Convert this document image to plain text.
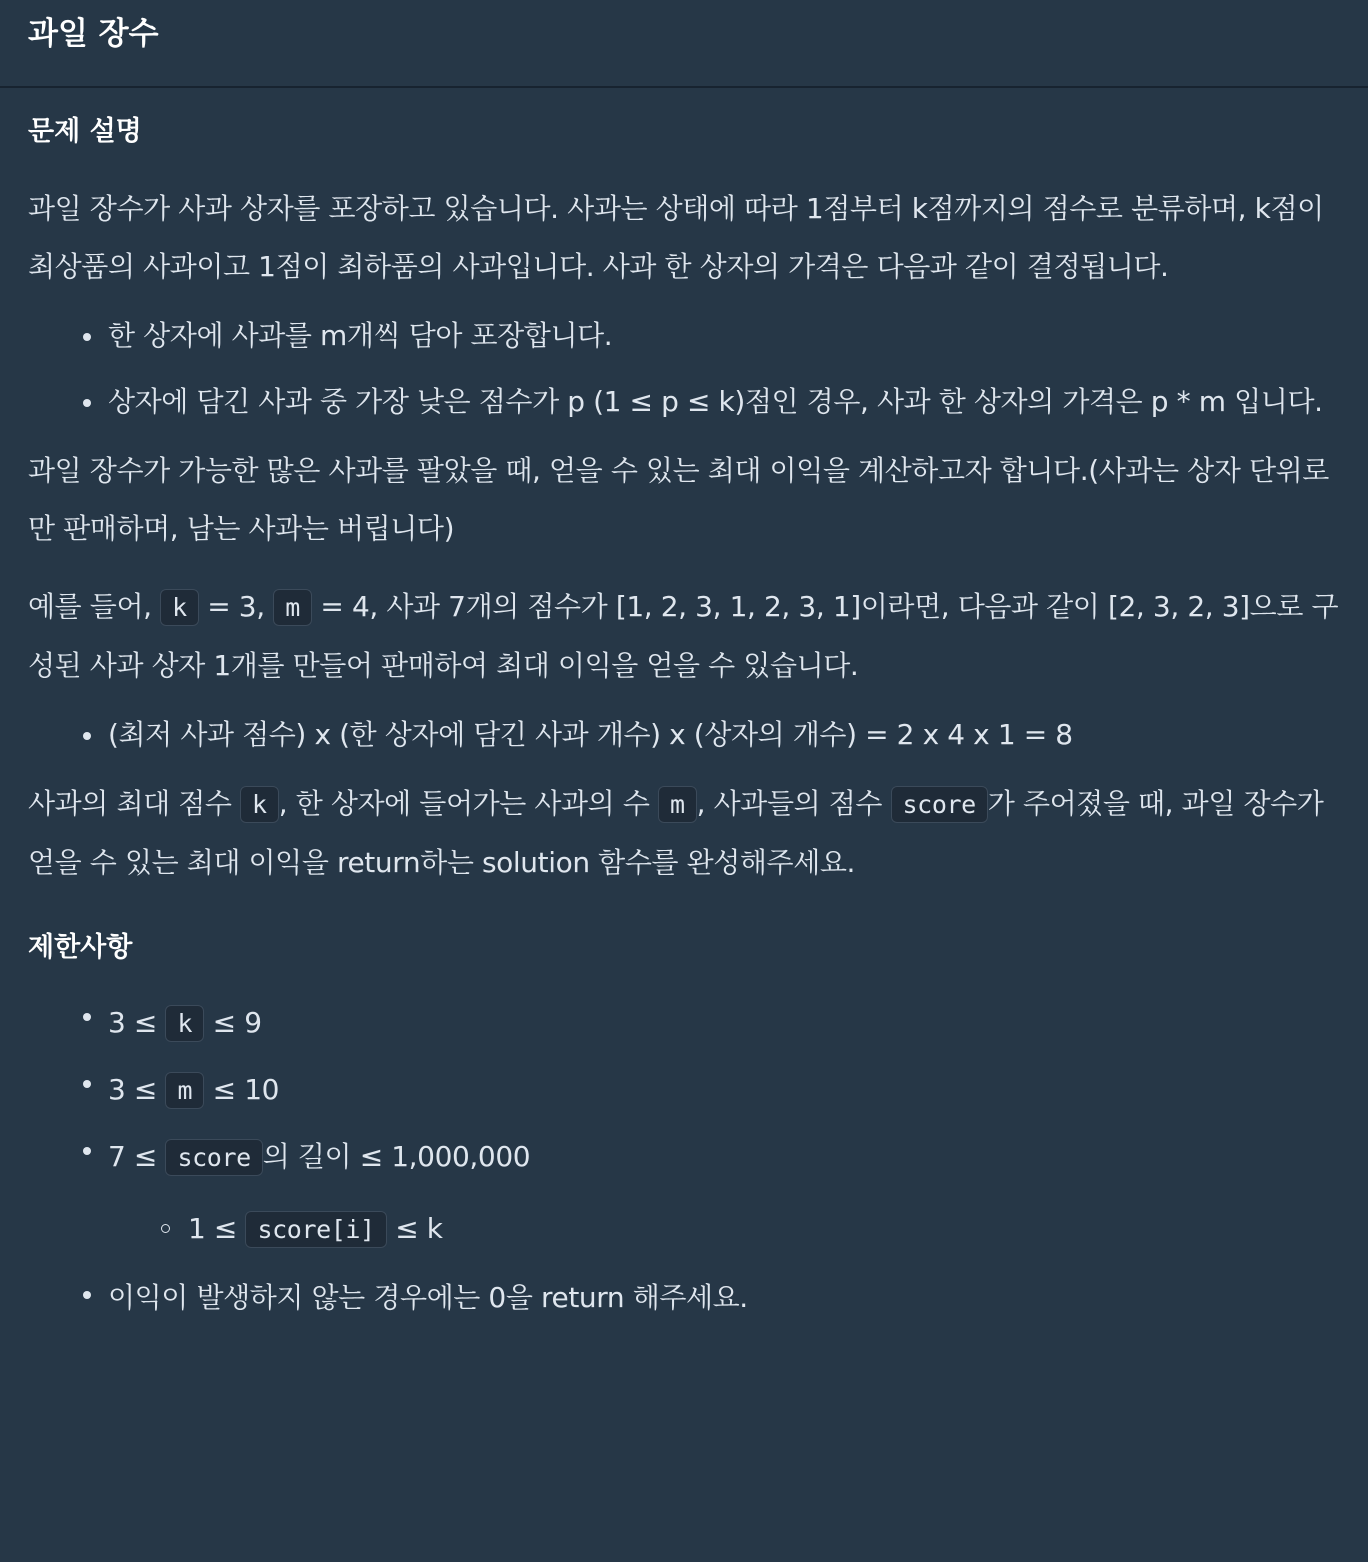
과일 장수
문제 설명

과일 장수가 사과 상자를 포장하고 있습니다. 사과는 상태에 따라 1점부터 k점까지의 점수로 분류하며, k점이 최상품의 사과이고 1점이 최하품의 사과입니다. 사과 한 상자의 가격은 다음과 같이 결정됩니다.

한 상자에 사과를 m개씩 담아 포장합니다.
상자에 담긴 사과 중 가장 낮은 점수가 p (1 ≤ p ≤ k)점인 경우, 사과 한 상자의 가격은 p * m 입니다.

과일 장수가 가능한 많은 사과를 팔았을 때, 얻을 수 있는 최대 이익을 계산하고자 합니다.(사과는 상자 단위로만 판매하며, 남는 사과는 버립니다)

예를 들어, k = 3, m = 4, 사과 7개의 점수가 [1, 2, 3, 1, 2, 3, 1]이라면, 다음과 같이 [2, 3, 2, 3]으로 구성된 사과 상자 1개를 만들어 판매하여 최대 이익을 얻을 수 있습니다.

(최저 사과 점수) x (한 상자에 담긴 사과 개수) x (상자의 개수) = 2 x 4 x 1 = 8

사과의 최대 점수 k , 한 상자에 들어가는 사과의 수 m , 사과들의 점수 score 가 주어졌을 때, 과일 장수가 얻을 수 있는 최대 이익을 return하는 solution 함수를 완성해주세요.

제한사항
3 ≤ k ≤ 9
3 ≤ m ≤ 10
7 ≤ score 의 길이 ≤ 1,000,000
1 ≤ score[i] ≤ k
이익이 발생하지 않는 경우에는 0을 return 해주세요.
